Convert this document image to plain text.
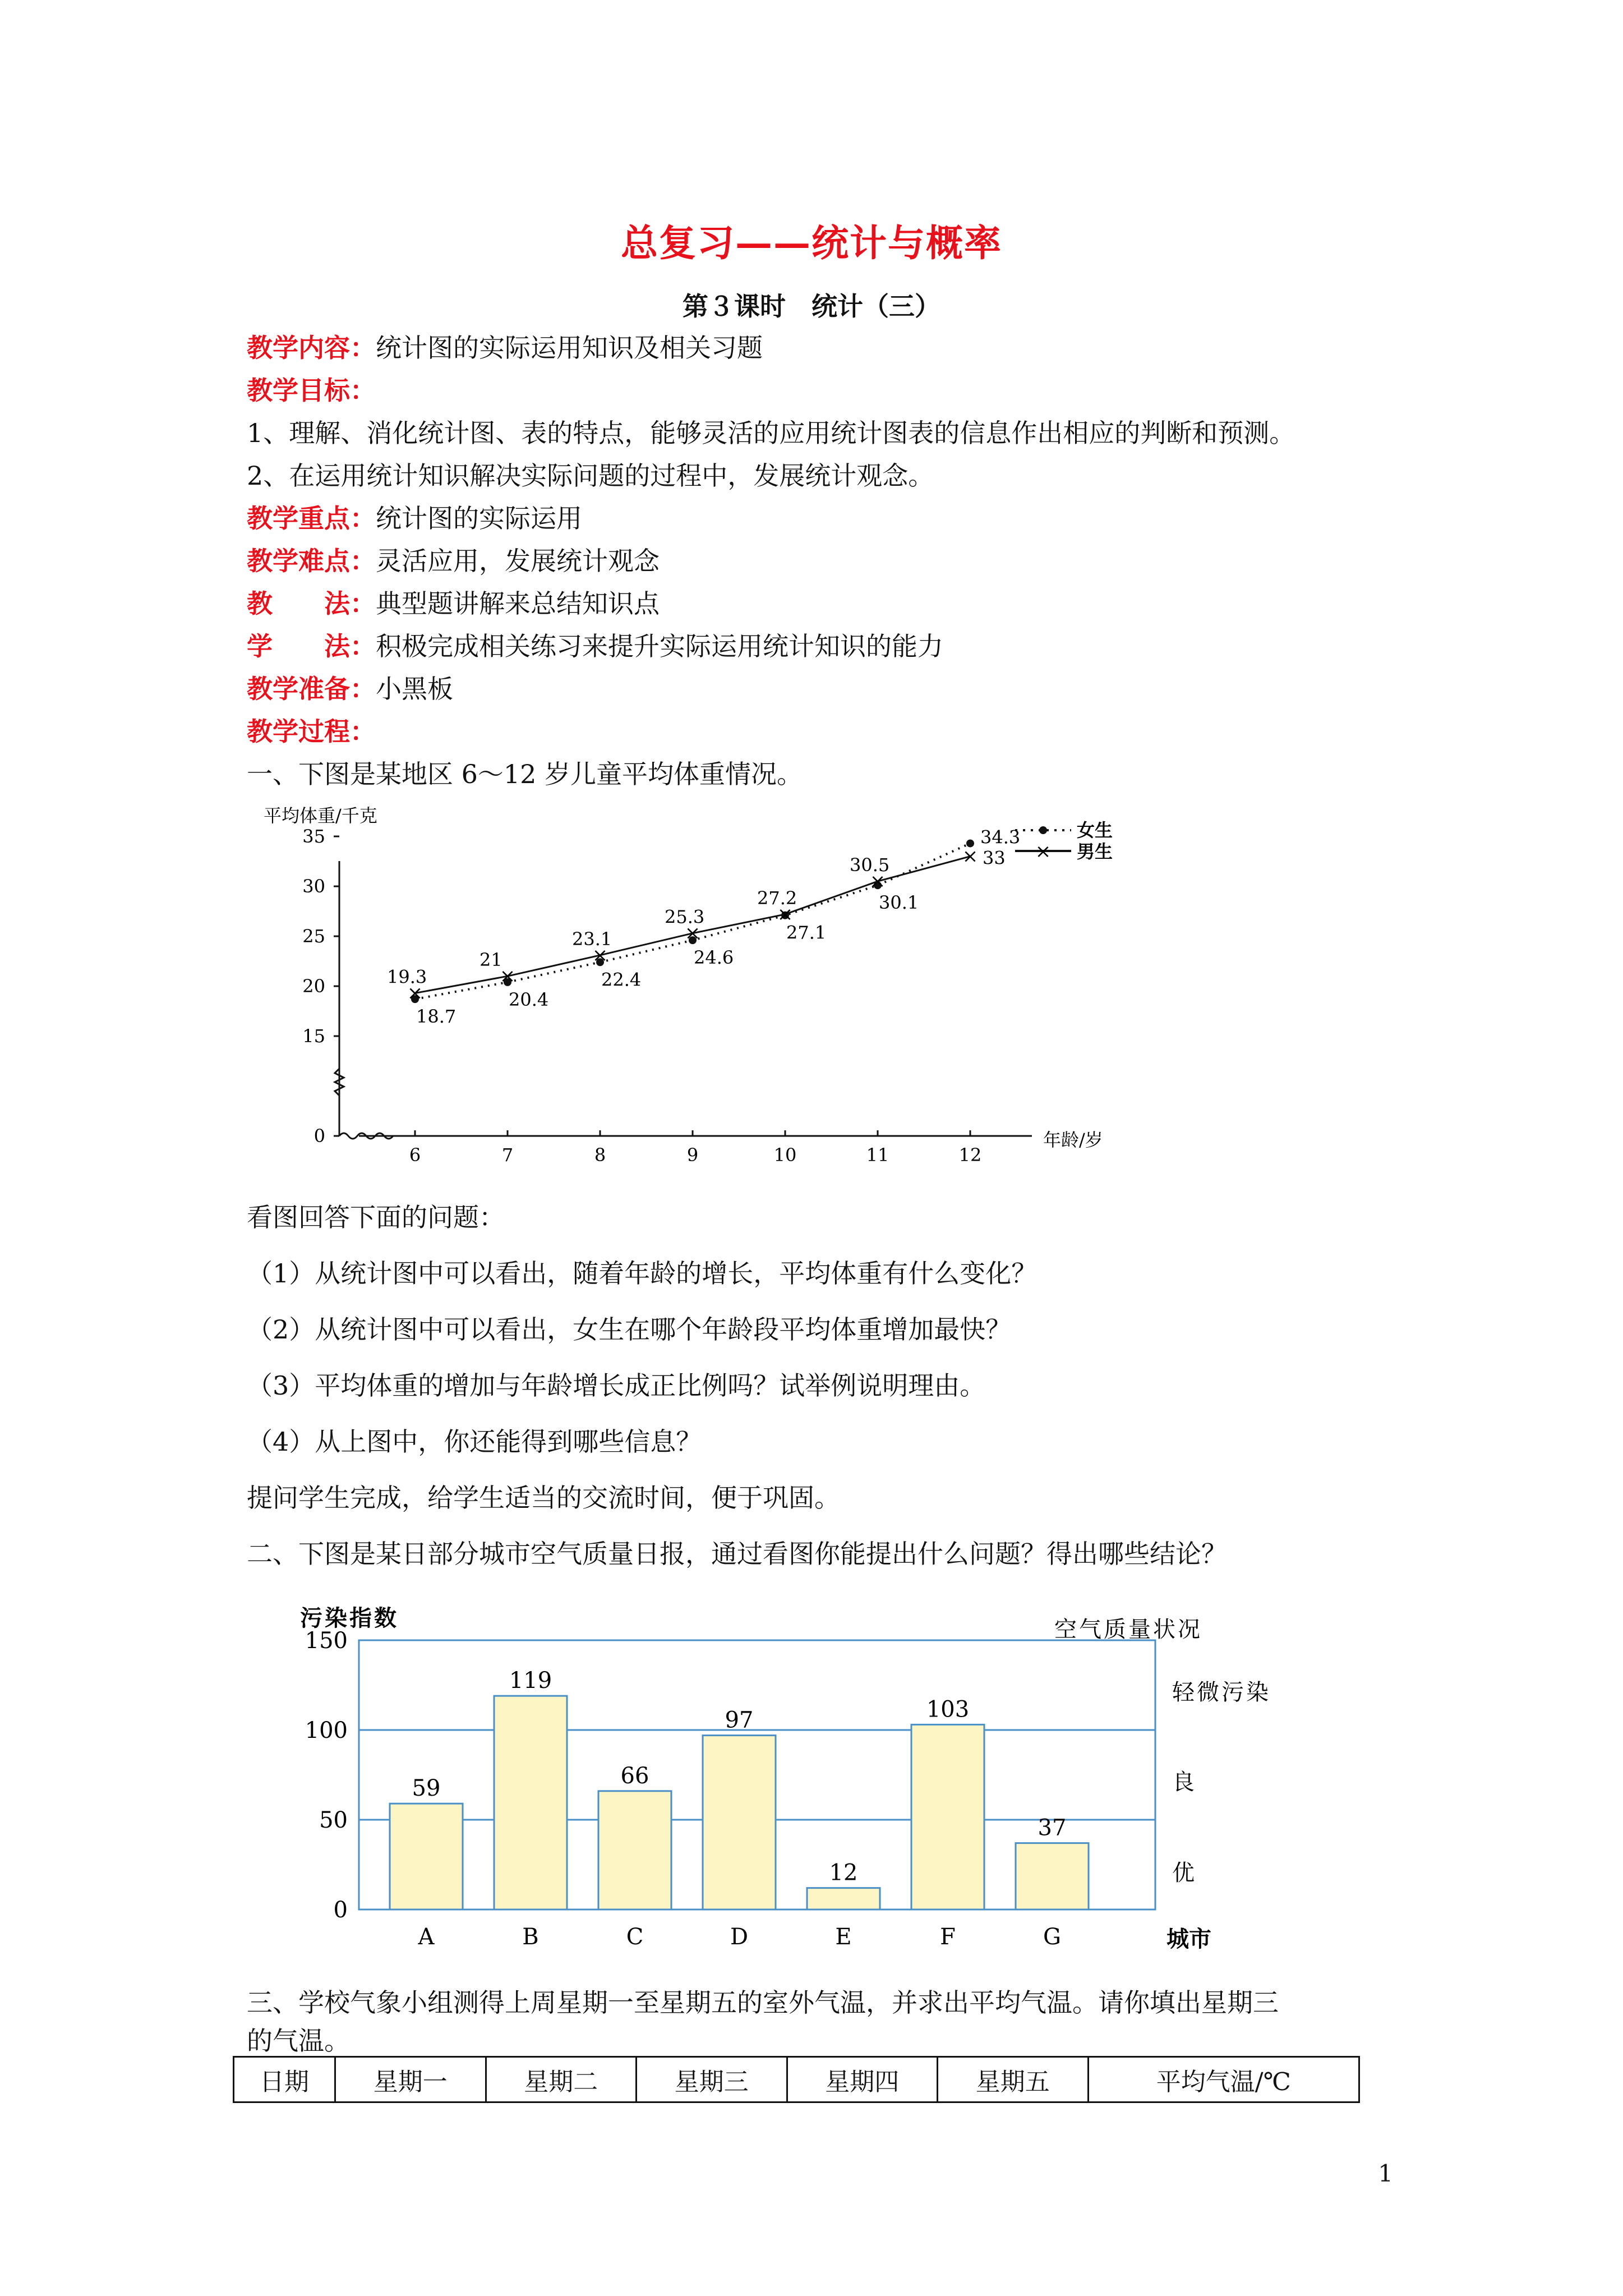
总复习——统计与概率
第３课时　统计（三）
教学内容：统计图的实际运用知识及相关习题
教学目标：
1、理解、消化统计图、表的特点，能够灵活的应用统计图表的信息作出相应的判断和预测。
2、在运用统计知识解决实际问题的过程中，发展统计观念。
教学重点：统计图的实际运用
教学难点：灵活应用，发展统计观念
教　　法：典型题讲解来总结知识点
学　　法：积极完成相关练习来提升实际运用统计知识的能力
教学准备：小黑板
教学过程：
一、下图是某地区 6～12 岁儿童平均体重情况。
平均体重/千克
0
15
20
25
30
35
6	7	8	9	10	11	12
18.7
20.4
22.4
24.6
27.1
30.1
34.3
×
19.3	×
21	×
23.1	×
25.3	×
27.2
×
30.5	× 33
年龄/岁
女生
× 男生
看图回答下面的问题：
（1）从统计图中可以看出，随着年龄的增长，平均体重有什么变化？
（2）从统计图中可以看出，女生在哪个年龄段平均体重增加最快？
（3）平均体重的增加与年龄增长成正比例吗？试举例说明理由。
（4）从上图中，你还能得到哪些信息？
提问学生完成，给学生适当的交流时间，便于巩固。
二、下图是某日部分城市空气质量日报，通过看图你能提出什么问题？得出哪些结论？
污染指数	空气质量状况
0
50
100
150
59
A
119
B
66
C
97
D
12
E
103
F
37
G
轻微污染
良
优
城市
三、学校气象小组测得上周星期一至星期五的室外气温，并求出平均气温。请你填出星期三
的气温。
日期	星期一	星期二	星期三	星期四	星期五	平均气温/℃
1
